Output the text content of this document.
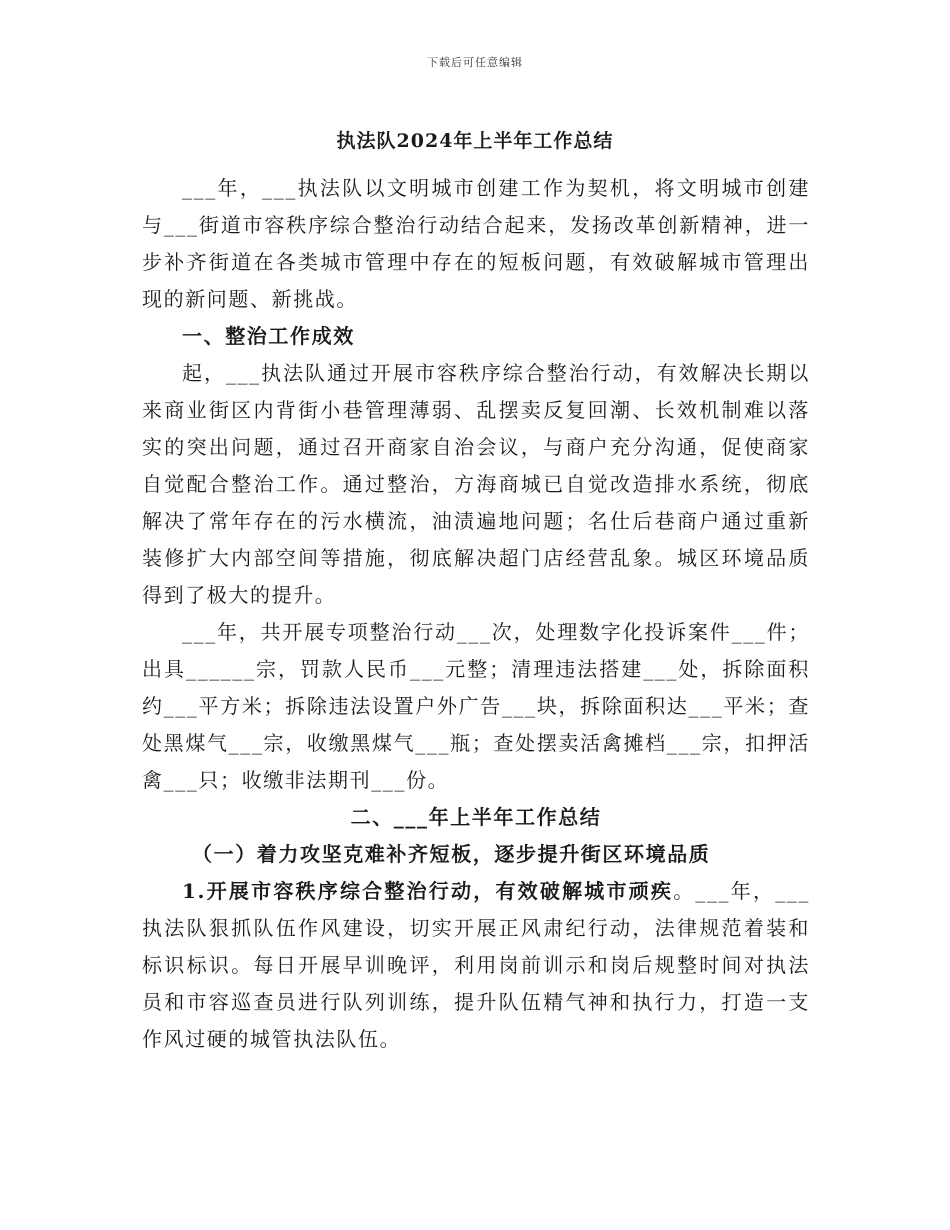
下载后可任意编辑
执法队2024年上半年工作总结

___年，___执法队以文明城市创建工作为契机，将文明城市创建与___街道市容秩序综合整治行动结合起来，发扬改革创新精神，进一步补齐街道在各类城市管理中存在的短板问题，有效破解城市管理出现的新问题、新挑战。

一、整治工作成效

起，___执法队通过开展市容秩序综合整治行动，有效解决长期以来商业街区内背街小巷管理薄弱、乱摆卖反复回潮、长效机制难以落实的突出问题，通过召开商家自治会议，与商户充分沟通，促使商家自觉配合整治工作。通过整治，方海商城已自觉改造排水系统，彻底解决了常年存在的污水横流，油渍遍地问题；名仕后巷商户通过重新装修扩大内部空间等措施，彻底解决超门店经营乱象。城区环境品质得到了极大的提升。

___年，共开展专项整治行动___次，处理数字化投诉案件___件；出具______宗，罚款人民币___元整；清理违法搭建___处，拆除面积约___平方米；拆除违法设置户外广告___块，拆除面积达___平米；查处黑煤气___宗，收缴黑煤气___瓶；查处摆卖活禽摊档___宗，扣押活禽___只；收缴非法期刊___份。

二、___年上半年工作总结

（一）着力攻坚克难补齐短板，逐步提升街区环境品质

1.开展市容秩序综合整治行动，有效破解城市顽疾。___年，___执法队狠抓队伍作风建设，切实开展正风肃纪行动，法律规范着装和标识标识。每日开展早训晚评，利用岗前训示和岗后规整时间对执法员和市容巡查员进行队列训练，提升队伍精气神和执行力，打造一支作风过硬的城管执法队伍。
